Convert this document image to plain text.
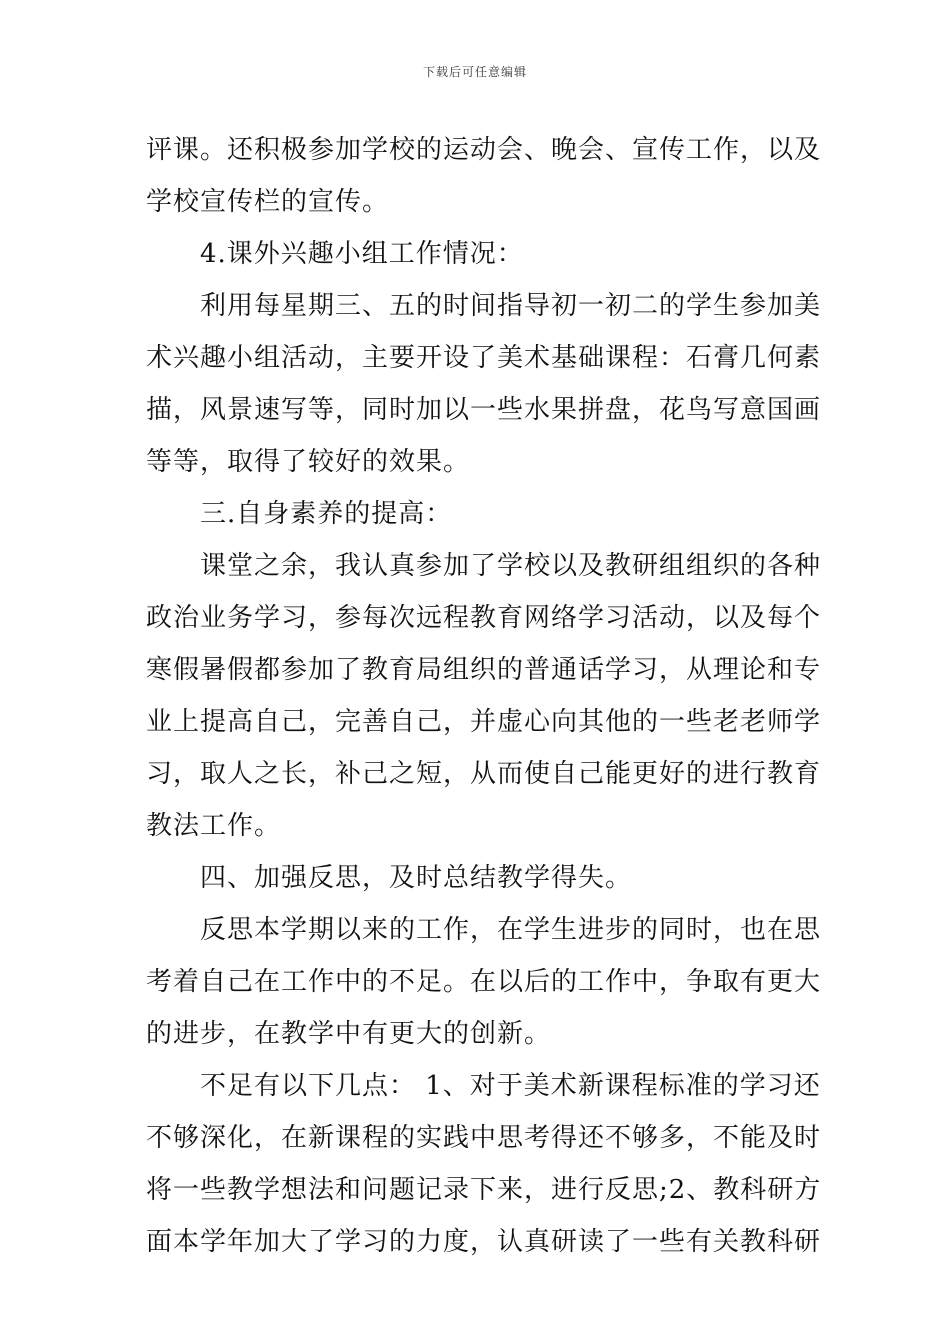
下载后可任意编辑
评课。还积极参加学校的运动会、晚会、宣传工作，以及
学校宣传栏的宣传。
4.课外兴趣小组工作情况：
利用每星期三、五的时间指导初一初二的学生参加美
术兴趣小组活动，主要开设了美术基础课程：石膏几何素
描，风景速写等，同时加以一些水果拼盘，花鸟写意国画
等等，取得了较好的效果。
三.自身素养的提高：
课堂之余，我认真参加了学校以及教研组组织的各种
政治业务学习，参每次远程教育网络学习活动，以及每个
寒假暑假都参加了教育局组织的普通话学习，从理论和专
业上提高自己，完善自己，并虚心向其他的一些老老师学
习，取人之长，补己之短，从而使自己能更好的进行教育
教法工作。
四、加强反思，及时总结教学得失。
反思本学期以来的工作，在学生进步的同时，也在思
考着自己在工作中的不足。在以后的工作中，争取有更大
的进步，在教学中有更大的创新。
不足有以下几点： 1、对于美术新课程标准的学习还
不够深化，在新课程的实践中思考得还不够多，不能及时
将一些教学想法和问题记录下来，进行反思;2、教科研方
面本学年加大了学习的力度，认真研读了一些有关教科研
